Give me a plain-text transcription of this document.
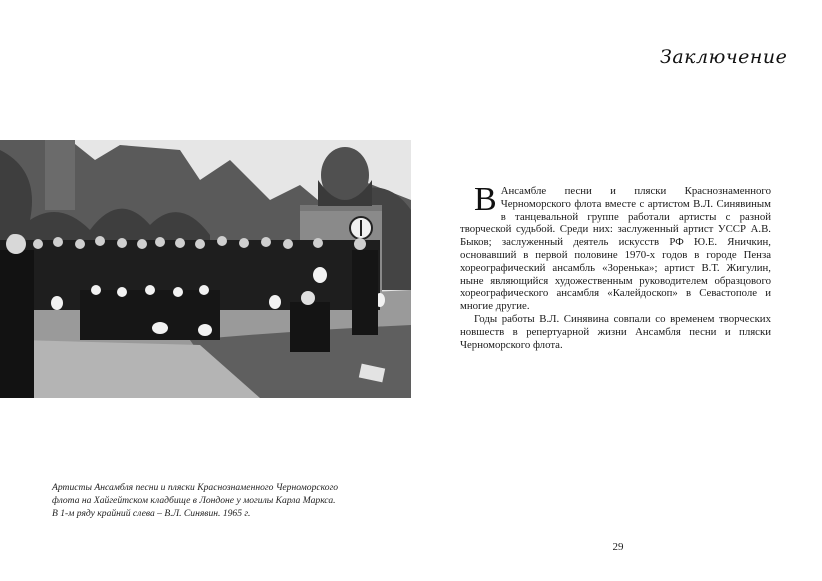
Заключение

Артисты Ансамбля песни и пляски Краснознаменного Черноморского

флота на Хайгейтском кладбище в Лондоне у могилы Карла Маркса.

В 1-м ряду крайний слева – В.Л. Синявин. 1965 г.

В Ансамбле песни и пляски Краснознаменного Черноморского флота вместе с артистом В.Л. Синявиным в танцевальной группе работали артисты с разной творческой судьбой. Среди них: заслуженный артист УССР А.В. Быков; заслуженный деятель искусств РФ Ю.Е. Яничкин, основавший в первой половине 1970-х годов в городе Пенза хореографический ансамбль «Зоренька»; артист В.Т. Жигулин, ныне являющийся художественным руководителем образцового хореографического ансамбля «Калейдоскоп» в Севастополе и многие другие.

Годы работы В.Л. Синявина совпали со временем творческих новшеств в репертуарной жизни Ансамбля песни и пляски Черноморского флота.

29
